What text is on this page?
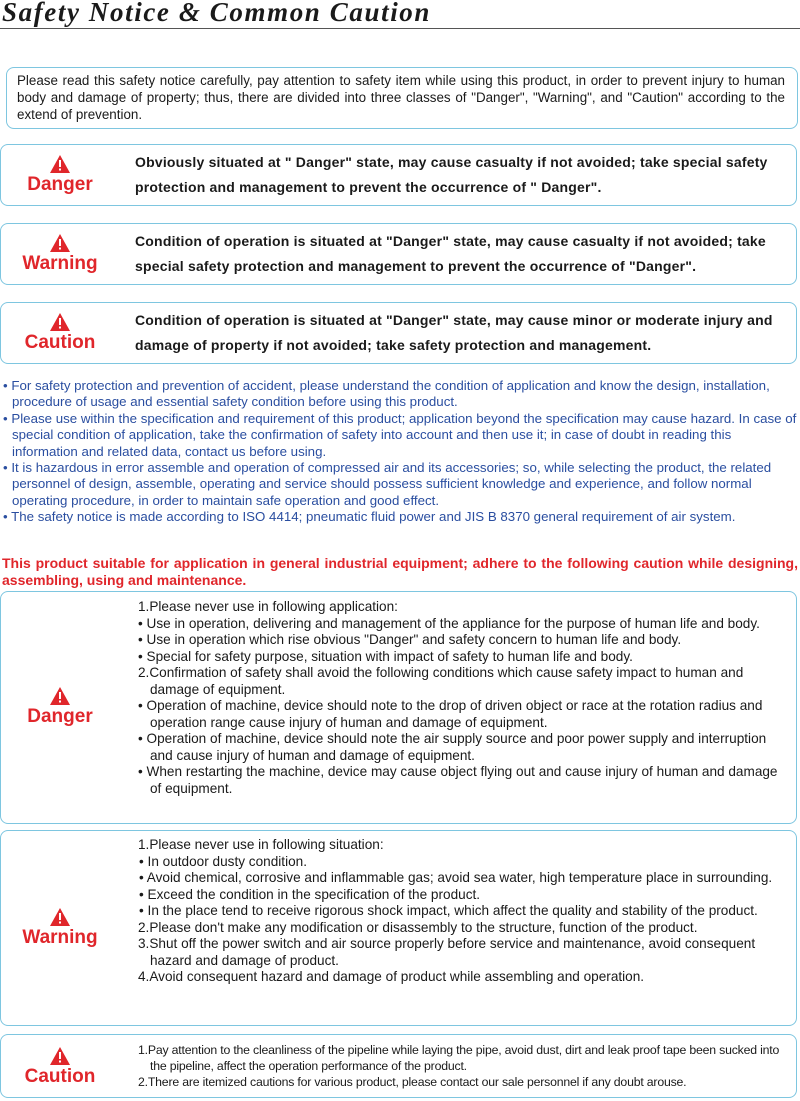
Safety Notice & Common Caution
Please read this safety notice carefully, pay attention to safety item while using this product, in order to prevent injury to human body and damage of property; thus, there are divided into three classes of "Danger", "Warning", and "Caution" according to the extend of prevention.
Danger
Obviously situated at " Danger" state, may cause casualty if not avoided; take special safety protection and management to prevent the occurrence of " Danger".
Warning
Condition of operation is situated at "Danger" state, may cause casualty if not avoided; take special safety protection and management to prevent the occurrence of "Danger".
Caution
Condition of operation is situated at "Danger" state, may cause minor or moderate injury and damage of property if not avoided; take safety protection and management.

• For safety protection and prevention of accident, please understand the condition of application and know the design, installation, procedure of usage and essential safety condition before using this product.

• Please use within the specification and requirement of this product; application beyond the specification may cause hazard. In case of special condition of application, take the confirmation of safety into account and then use it; in case of doubt in reading this information and related data, contact us before using.

• It is hazardous in error assemble and operation of compressed air and its accessories; so, while selecting the product, the related personnel of design, assemble, operating and service should possess sufficient knowledge and experience, and follow normal operating procedure, in order to maintain safe operation and good effect.

• The safety notice is made according to ISO 4414; pneumatic fluid power and JIS B 8370 general requirement of air system.

This product suitable for application in general industrial equipment; adhere to the following caution while designing, assembling, using and maintenance.
Danger

1.Please never use in following application:

• Use in operation, delivering and management of the appliance for the purpose of human life and body.

• Use in operation which rise obvious "Danger" and safety concern to human life and body.

• Special for safety purpose, situation with impact of safety to human life and body.

2.Confirmation of safety shall avoid the following conditions which cause safety impact to human and damage of equipment.

• Operation of machine, device should note to the drop of driven object or race at the rotation radius and operation range cause injury of human and damage of equipment.

• Operation of machine, device should note the air supply source and poor power supply and interruption and cause injury of human and damage of equipment.

• When restarting the machine, device may cause object flying out and cause injury of human and damage of equipment.

Warning

1.Please never use in following situation:

• In outdoor dusty condition.

• Avoid chemical, corrosive and inflammable gas; avoid sea water, high temperature place in surrounding.

• Exceed the condition in the specification of the product.

• In the place tend to receive rigorous shock impact, which affect the quality and stability of the product.

2.Please don't make any modification or disassembly to the structure, function of the product.

3.Shut off the power switch and air source properly before service and maintenance, avoid consequent hazard and damage of product.

4.Avoid consequent hazard and damage of product while assembling and operation.

Caution

1.Pay attention to the cleanliness of the pipeline while laying the pipe, avoid dust, dirt and leak proof tape been sucked into the pipeline, affect the operation performance of the product.

2.There are itemized cautions for various product, please contact our sale personnel if any doubt arouse.
